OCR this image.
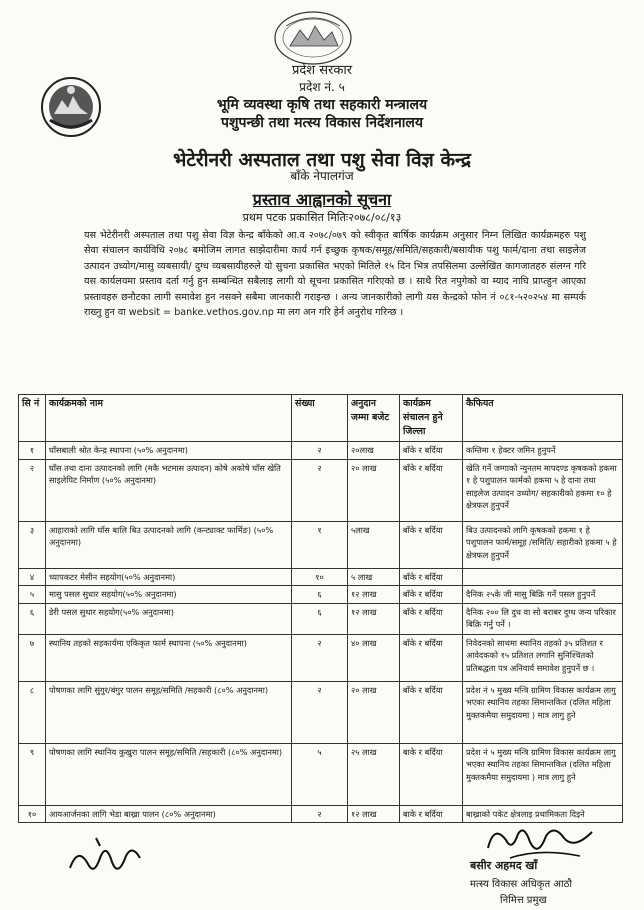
प्रदेश सरकार
प्रदेश नं. ५
भूमि व्यवस्था कृषि तथा सहकारी मन्त्रालय
पशुपन्छी तथा मत्स्य विकास निर्देशनालय
भेटेरीनरी अस्पताल तथा पशु सेवा विज्ञ केन्द्र
बाँके नेपालगंज
प्रस्ताव आह्वानको सूचना
प्रथम पटक प्रकासित मितिः२०७८/०८/१३
यस भेटेरीनरी अस्पताल तथा पशु सेवा विज्ञ केन्द्र बाँकेको आ.व २०७८/०७९ को स्वीकृत बार्षिक कार्यक्रम अनुसार निम्न लिखित कार्यक्रमहरु पशु सेवा संचालन कार्यविधि २०७८ बमोजिम लागत साझेदारीमा कार्य गर्न इच्छुक कृषक/समूह/समिति/सहकारी/बसायीक पशु फार्म/दाना तथा साइलेज उत्पादन उध्योग/मासु व्यबसायी/ दुग्ध व्यबसायीहरुले यो सुचना प्रकासित भएको मितिले १५ दिन भित्र तपसिलमा उल्लेखित कागजातहरु संलग्न गरि यस कार्यलयमा प्रस्ताव दर्ता गर्नु हुन सम्बन्धित सबैलाइ लागी यो सूचना प्रकासित गरिएको छ । साथै रित नपुगेको वा म्याद नाघि प्राप्त्हुन आएका प्रस्तावहरु छनौटका लागी समावेश हुन नसक्ने सबैमा जानकारी गराइन्छ । अन्य जानकारीको लागी यस केन्द्रको फोन नं ०८१-५२०२५४ मा सम्पर्क राख्नु हुन वा websit = banke.vethos.gov.np मा लग अन गरि हेर्न अनुरोध गरिन्छ ।
सि नं	कार्यक्रमको नाम	संख्या	अनुदान जम्मा बजेट	कार्यक्रम संचालन हुने जिल्ला	कैफियत
१	घाँसबाली श्रोत केन्द्र स्थापना (५०% अनुदानमा)	२	२०लाख	बाँके र बर्दिया	कम्तिमा १ हेक्टर जमिन हुनुपर्ने
२	घाँस तथा दाना उत्पादनको लागि (मकै भटमास उत्पादन) कोषे अकोषे घाँस खेति साइलेपिट निर्माण (५०% अनुदानमा)	२	२० लाख	बाँके र बर्दिया	खेति गर्ने जग्गाको न्युनतम मापदण्ड कृषकको हकमा १ हे पशुपालन फार्मको हकमा ५ हे दाना तथा साइलेज उत्पादन उध्योग/ सहकारीको हकमा १० हे क्षेत्रफल हुनुपर्ने
३	आहाराको लागि घाँस बालि बिउ उत्पादनको लागि (कन्ट्याक्ट फार्मिङ) (५०% अनुदानमा)	१	५लाख	बाँके र बर्दिया	बिउ उत्पादनको लागि कृषकको हकमा १ हे पशुपालन फार्म/समूह /समिति/ सहारीको हकमा ५ हे क्षेत्रफल हुनुपर्ने
४	च्यापकटर मेसीन सहयोग(५०% अनुदानमा)	१०	५ लाख	बाँके र बर्दिया	
५	मासु पसल सुधार सहयोग(५०% अनुदानमा)	६	१२ लाख	बाँके र बर्दिया	दैनिक २५के जी मासु बिक्रि गर्ने पसल हुनुपर्ने
६	डेरी पसल सुधार सहयोग(५०% अनुदानमा)	६	१२ लाख	बाँके र बर्दिया	दैनिक २०० लि दुध वा सो बराबर दुग्ध जन्य परिकार बिक्रि गर्नु पर्ने ।
७	स्थानिय तहको सहकार्यमा एकिकृत फार्म स्थापना (५०% अनुदानमा)	२	४० लाख	बाँके र बर्दिया	निवेदनको साथमा स्थानिय तहको ३५ प्रतिशत र आवेदकको १५ प्रतिशत लगानि सुनिश्चितको प्रतिबद्धता पत्र अनिवार्य समावेश हुनुपर्ने छ ।
८	पोषणका लागि सुंगुर/बंगुर पालन समूह/समिति /सहकारी (८०% अनुदानमा)	२	२० लाख	बाँके र बर्दिया	प्रदेश नं ५ मुख्य मन्त्रि ग्रामिण विकास कार्यक्रम लागु भएका स्थानिय तहका सिमान्तकित (दलित महिला मुक्तकमैया समुदायमा ) मात्र लागु हुने
९	पोषणका लागि स्थानिय कुखुरा पालन समूह/समिति /सहकारी (८०% अनुदानमा)	५	२५ लाख	बाके र बर्दिया	प्रदेश नं ५ मुख्य मन्त्रि ग्रामिण विकास कार्यक्रम लागु भएका स्थानिय तहका सिमान्तकित (दलित महिला मुक्तकमैया समुदायमा ) मात्र लागु हुने
१०	आयआर्जनका लागि भेडा बाख्रा पालन (८०% अनुदानमा)	२	१२ लाख	बाके र बर्दिया	बाख्राको पकेट क्षेत्रलाइ प्रथामिकता दिइने
बसीर अहमद खाँ
मत्स्य विकास अधिकृत आठौ
निमित्त प्रमुख
